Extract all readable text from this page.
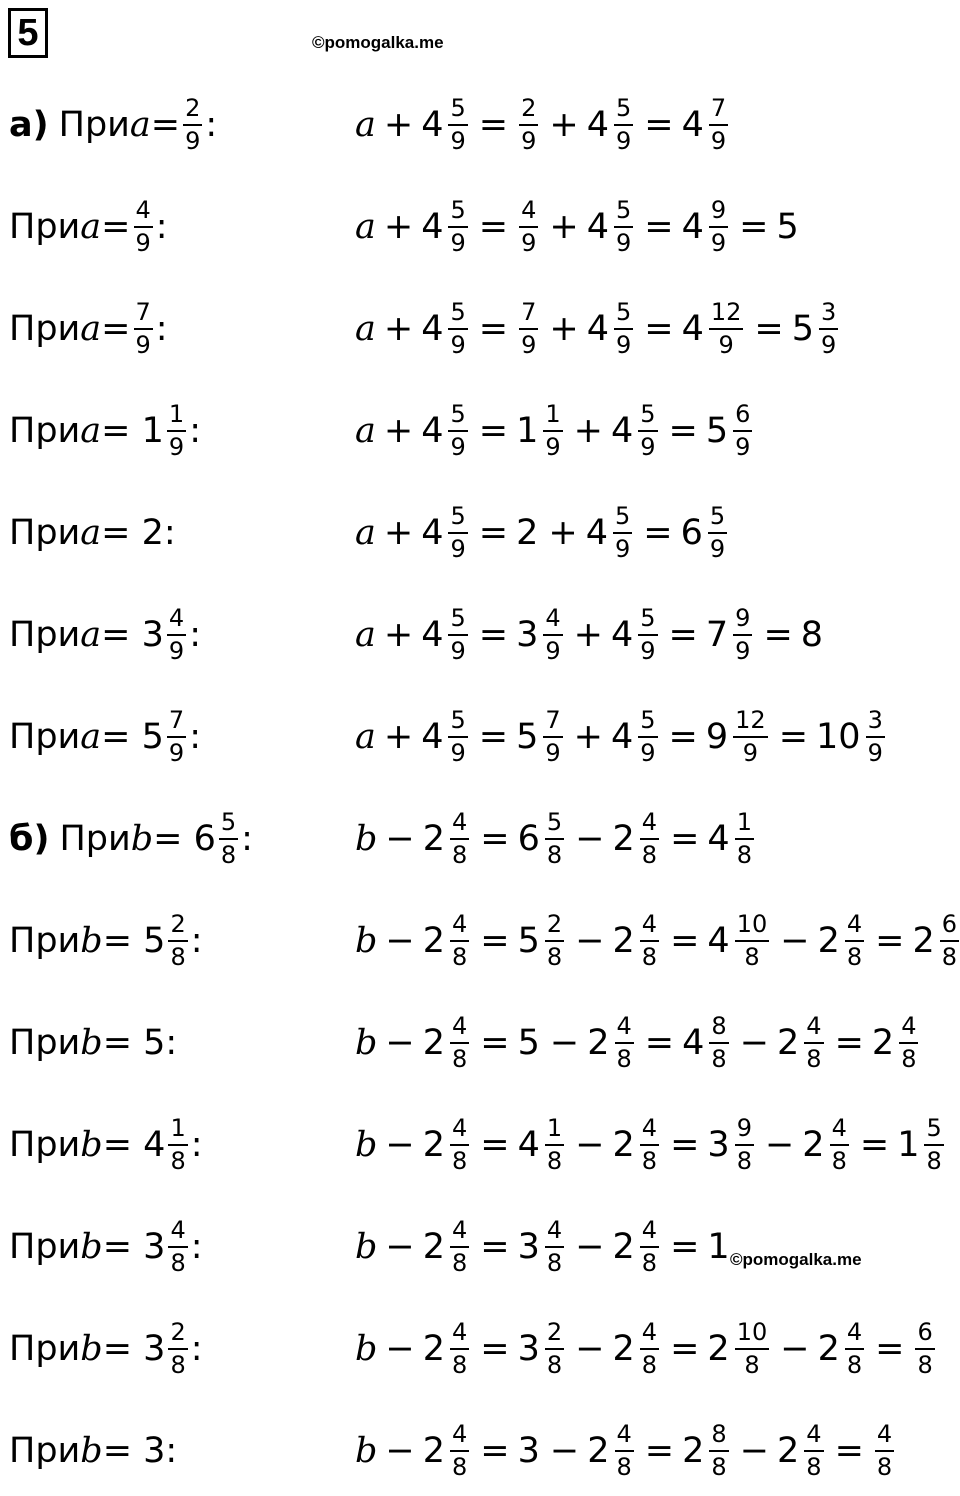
5	©pomogalka.me
©pomogalka.me
а) При $a = \frac{2}{9}$ :	$a + 4 \frac{5}{9} = \frac{2}{9} + 4 \frac{5}{9} = 4 \frac{7}{9}$
При $a = \frac{4}{9}$ :	$a + 4 \frac{5}{9} = \frac{4}{9} + 4 \frac{5}{9} = 4 \frac{9}{9} = 5$
При $a = \frac{7}{9}$ :	$a + 4 \frac{5}{9} = \frac{7}{9} + 4 \frac{5}{9} = 4 \frac{12}{9} = 5 \frac{3}{9}$
При $a = 1 \frac{1}{9}$ :	$a + 4 \frac{5}{9} = 1 \frac{1}{9} + 4 \frac{5}{9} = 5 \frac{6}{9}$
При a = 2:	$a + 4 \frac{5}{9} = 2 + 4 \frac{5}{9} = 6 \frac{5}{9}$
При $a = 3 \frac{4}{9}$ :	$a + 4 \frac{5}{9} = 3 \frac{4}{9} + 4 \frac{5}{9} = 7 \frac{9}{9} = 8$
При $a = 5 \frac{7}{9}$ :	$a + 4 \frac{5}{9} = 5 \frac{7}{9} + 4 \frac{5}{9} = 9 \frac{12}{9} = 10 \frac{3}{9}$
б) При $b = 6 \frac{5}{8}$ :	$b - 2 \frac{4}{8} = 6 \frac{5}{8} - 2 \frac{4}{8} = 4 \frac{1}{8}$
При $b = 5 \frac{2}{8}$ :	$b - 2 \frac{4}{8} = 5 \frac{2}{8} - 2 \frac{4}{8} = 4 \frac{10}{8} - 2 \frac{4}{8} = 2 \frac{6}{8}$
При b = 5:	$b - 2 \frac{4}{8} = 5 - 2 \frac{4}{8} = 4 \frac{8}{8} - 2 \frac{4}{8} = 2 \frac{4}{8}$
При $b = 4 \frac{1}{8}$ :	$b - 2 \frac{4}{8} = 4 \frac{1}{8} - 2 \frac{4}{8} = 3 \frac{9}{8} - 2 \frac{4}{8} = 1 \frac{5}{8}$
При $b = 3 \frac{4}{8}$ :	$b - 2 \frac{4}{8} = 3 \frac{4}{8} - 2 \frac{4}{8} = 1$
При $b = 3 \frac{2}{8}$ :	$b - 2 \frac{4}{8} = 3 \frac{2}{8} - 2 \frac{4}{8} = 2 \frac{10}{8} - 2 \frac{4}{8} = \frac{6}{8}$
При b = 3:	$b - 2 \frac{4}{8} = 3 - 2 \frac{4}{8} = 2 \frac{8}{8} - 2 \frac{4}{8} = \frac{4}{8}$
